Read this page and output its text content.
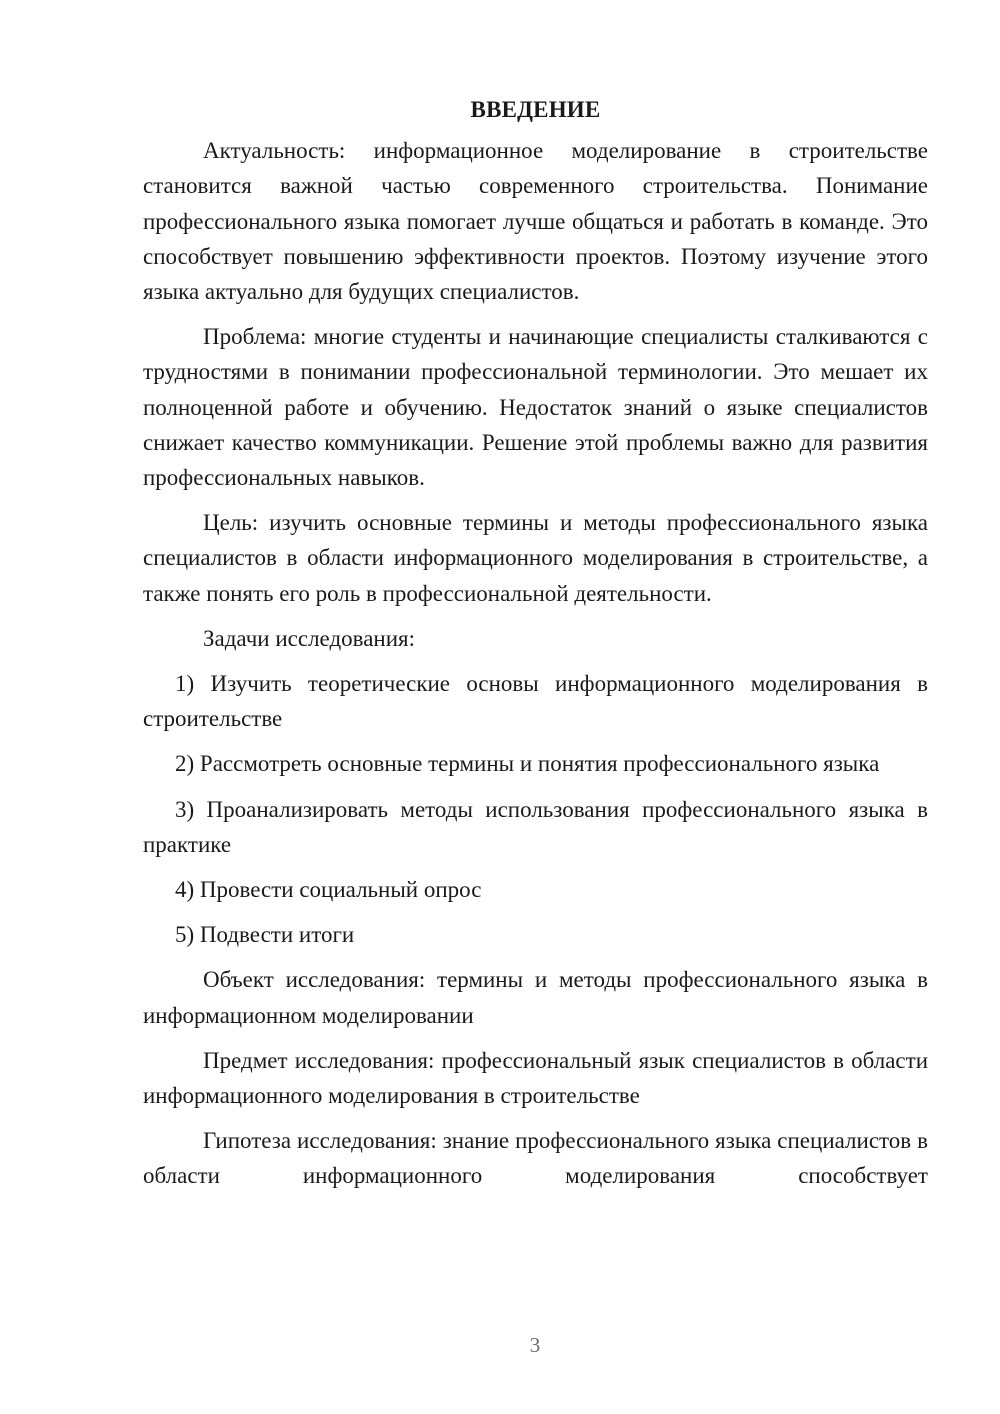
ВВЕДЕНИЕ

Актуальность: информационное моделирование в строительстве становится важной частью современного строительства. Понимание профессионального языка помогает лучше общаться и работать в команде. Это способствует повышению эффективности проектов. Поэтому изучение этого языка актуально для будущих специалистов.

Проблема: многие студенты и начинающие специалисты сталкиваются с трудностями в понимании профессиональной терминологии. Это мешает их полноценной работе и обучению. Недостаток знаний о языке специалистов снижает качество коммуникации. Решение этой проблемы важно для развития профессиональных навыков.

Цель: изучить основные термины и методы профессионального языка специалистов в области информационного моделирования в строительстве, а также понять его роль в профессиональной деятельности.

Задачи исследования:

1) Изучить теоретические основы информационного моделирования в строительстве

2) Рассмотреть основные термины и понятия профессионального языка

3) Проанализировать методы использования профессионального языка в практике

4) Провести социальный опрос

5) Подвести итоги

Объект исследования: термины и методы профессионального языка в информационном моделировании

Предмет исследования: профессиональный язык специалистов в области информационного моделирования в строительстве

Гипотеза исследования: знание профессионального языка специалистов в области информационного моделирования способствует

3
